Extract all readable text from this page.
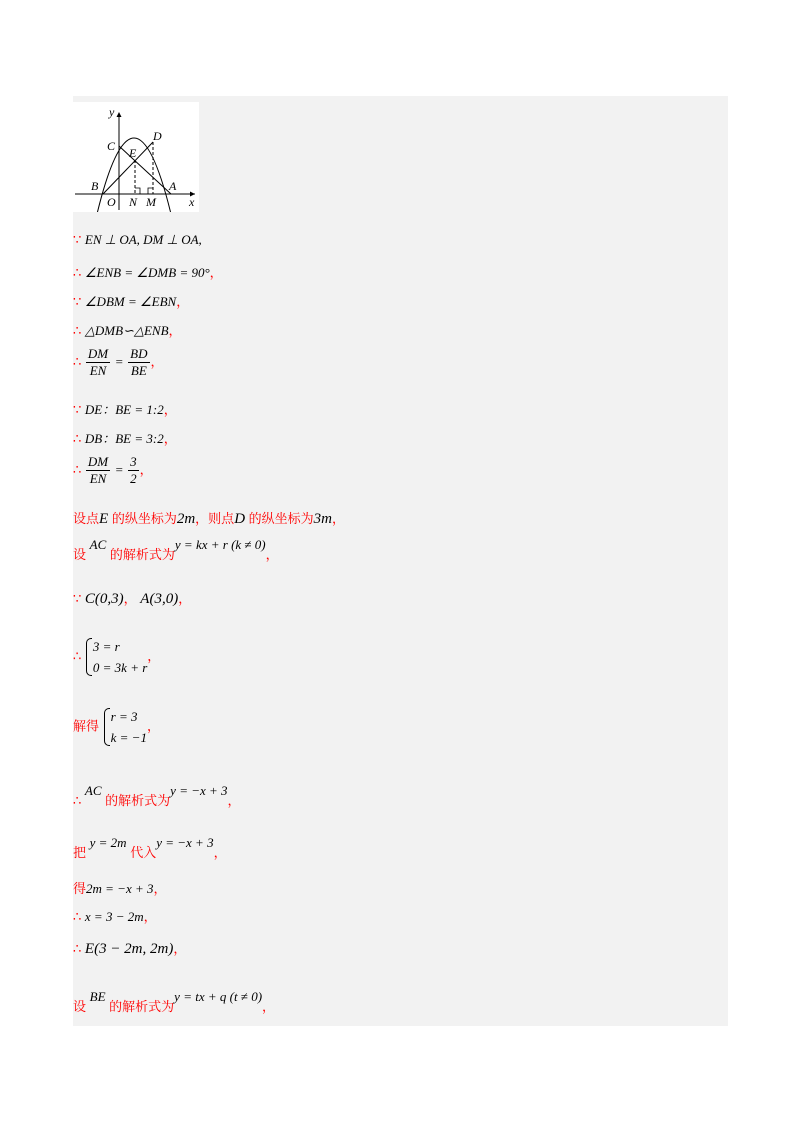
y
x
C
D
E
B	A
O N M
∵ EN ⊥ OA, DM ⊥ OA,
∴ ∠ENB = ∠DMB = 90°，
∵ ∠DBM = ∠EBN，
∴ △DMB∽△ENB，
∴ $\frac{DM}{EN} = \frac{BD}{BE}$ ，
∵ DE：BE = 1:2，
∴ DB：BE = 3:2，
∴ $\frac{DM}{EN} = \frac{3}{2}$ ，
设点E 的纵坐标为2m，则点D 的纵坐标为3m，
设 AC 的解析式为y = kx + r (k ≠ 0)，
∵ C(0,3)， A(3,0)，
∴
3 = r
0 = 3k + r
，
解得
r = 3
k = −1
，
∴ AC 的解析式为y = −x + 3，
把 y = 2m 代入y = −x + 3，
得2m = −x + 3，
∴ x = 3 − 2m，
∴ E(3 − 2m, 2m)，
设 BE 的解析式为y = tx + q (t ≠ 0)，
